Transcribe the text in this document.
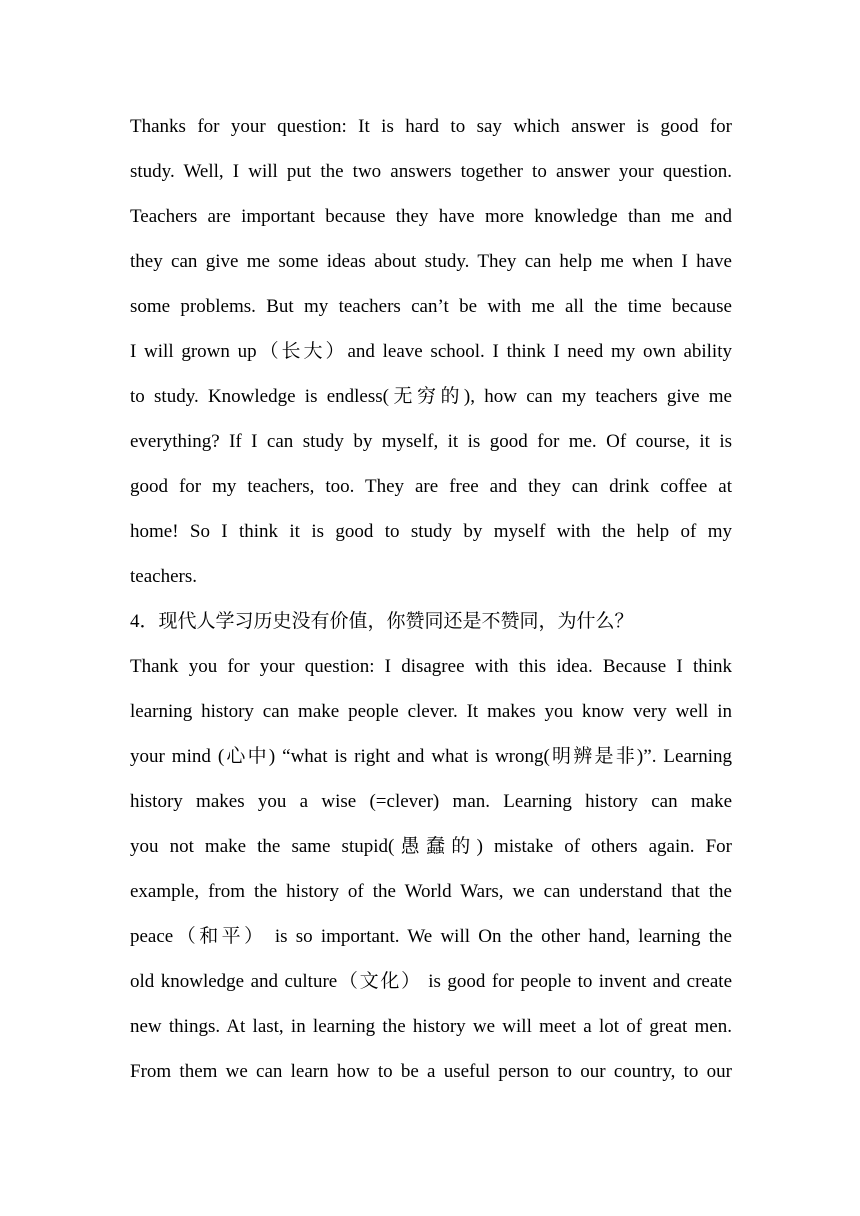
Thanks for your question: It is hard to say which answer is good for
study. Well, I will put the two answers together to answer your question.
Teachers are important because they have more knowledge than me and
they can give me some ideas about study. They can help me when I have
some problems. But my teachers can’t be with me all the time because
I will grown up（长大）and leave school. I think I need my own ability
to study. Knowledge is endless(无穷的), how can my teachers give me
everything? If I can study by myself, it is good for me. Of course, it is
good for my teachers, too. They are free and they can drink coffee at
home! So I think it is good to study by myself with the help of my
teachers.
4．现代人学习历史没有价值，你赞同还是不赞同，为什么？
Thank you for your question: I disagree with this idea. Because I think
learning history can make people clever. It makes you know very well in
your mind (心中) “what is right and what is wrong(明辨是非)”. Learning
history makes you a wise (=clever) man. Learning history can make
you not make the same stupid(愚蠢的) mistake of others again. For
example, from the history of the World Wars, we can understand that the
peace（和平） is so important. We will On the other hand, learning the
old knowledge and culture（文化） is good for people to invent and create
new things. At last, in learning the history we will meet a lot of great men.
From them we can learn how to be a useful person to our country, to our
